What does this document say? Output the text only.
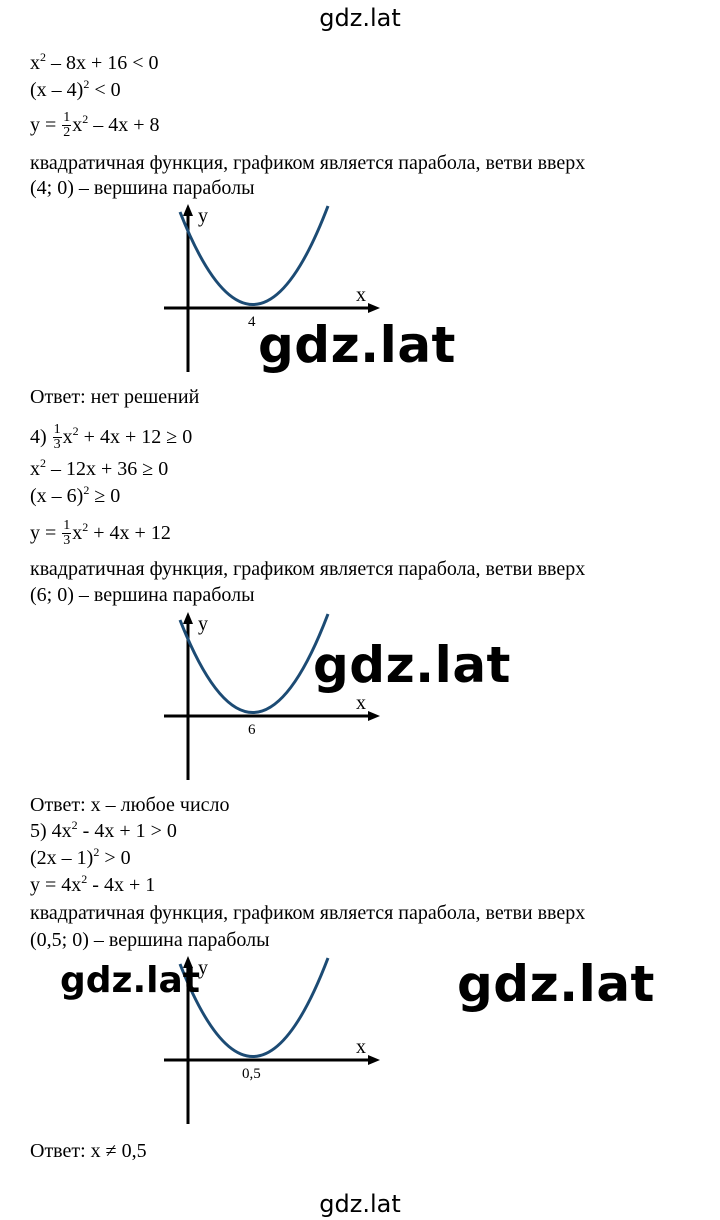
gdz.lat
$x^2 - 8x + 16 < 0$
(x – 4)$^2$ < 0
$y = \frac{1}{2} x^2 - 4x + 8$
квадратичная функция, графиком является парабола, ветви вверх
(4; 0) – вершина параболы
y
x
4 gdz.lat
Ответ: нет решений
$4) \frac{1}{3} x^2 + 4x + 12 \ge 0$
$x^2 - 12x + 36 \ge 0$
(x – 6)$^2$ ≥ 0
$y = \frac{1}{3} x^2 + 4x + 12$
квадратичная функция, графиком является парабола, ветви вверх
(6; 0) – вершина параболы
y
x
6
gdz.lat
Ответ: x – любое число
5) $4x^2 - 4x + 1 > 0$
(2x – 1)$^2$ > 0
$y = 4x^2 - 4x + 1$
квадратичная функция, графиком является парабола, ветви вверх
(0,5; 0) – вершина параболы
y
x
0,5
gdz.lat	gdz.lat
Ответ: x ≠ 0,5
gdz.lat
